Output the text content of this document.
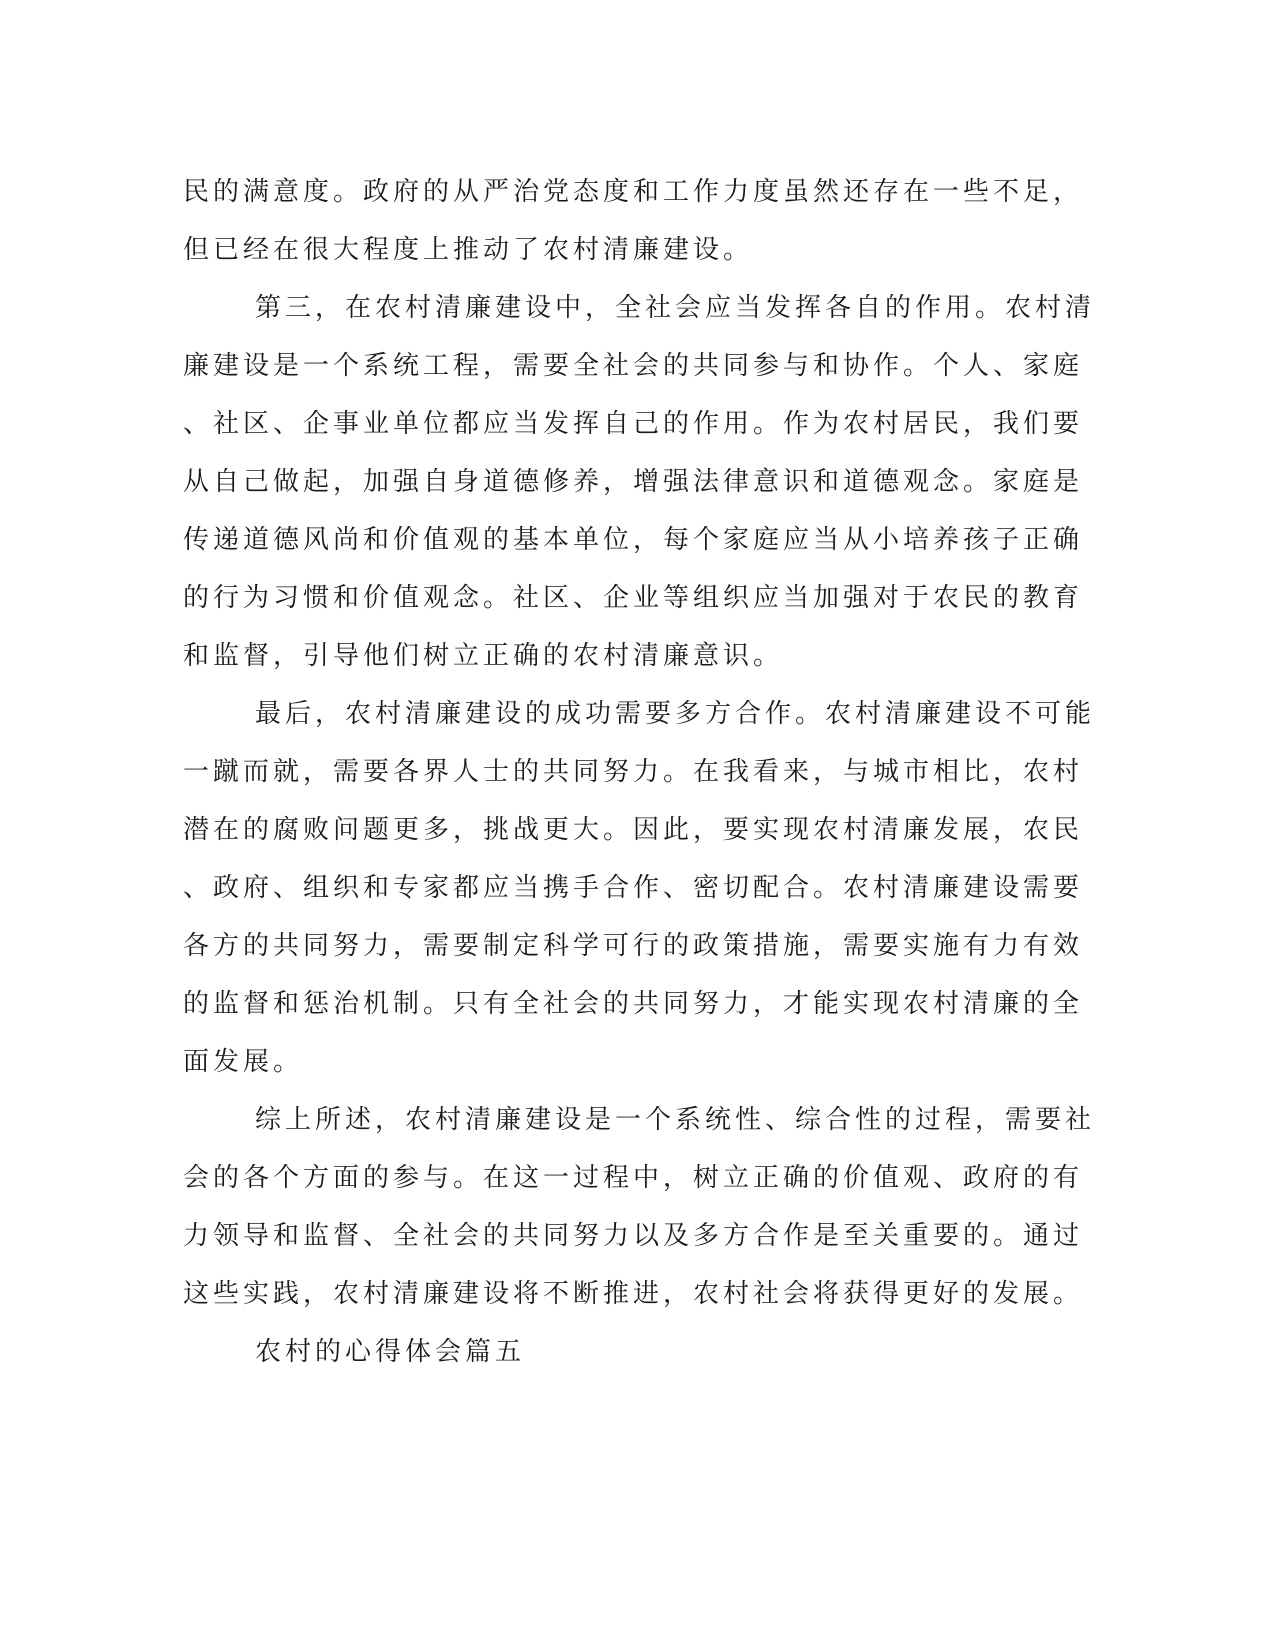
民的满意度。政府的从严治党态度和工作力度虽然还存在一些不足，
但已经在很大程度上推动了农村清廉建设。
第三，在农村清廉建设中，全社会应当发挥各自的作用。农村清
廉建设是一个系统工程，需要全社会的共同参与和协作。个人、家庭
、社区、企事业单位都应当发挥自己的作用。作为农村居民，我们要
从自己做起，加强自身道德修养，增强法律意识和道德观念。家庭是
传递道德风尚和价值观的基本单位，每个家庭应当从小培养孩子正确
的行为习惯和价值观念。社区、企业等组织应当加强对于农民的教育
和监督，引导他们树立正确的农村清廉意识。
最后，农村清廉建设的成功需要多方合作。农村清廉建设不可能
一蹴而就，需要各界人士的共同努力。在我看来，与城市相比，农村
潜在的腐败问题更多，挑战更大。因此，要实现农村清廉发展，农民
、政府、组织和专家都应当携手合作、密切配合。农村清廉建设需要
各方的共同努力，需要制定科学可行的政策措施，需要实施有力有效
的监督和惩治机制。只有全社会的共同努力，才能实现农村清廉的全
面发展。
综上所述，农村清廉建设是一个系统性、综合性的过程，需要社
会的各个方面的参与。在这一过程中，树立正确的价值观、政府的有
力领导和监督、全社会的共同努力以及多方合作是至关重要的。通过
这些实践，农村清廉建设将不断推进，农村社会将获得更好的发展。
农村的心得体会篇五
